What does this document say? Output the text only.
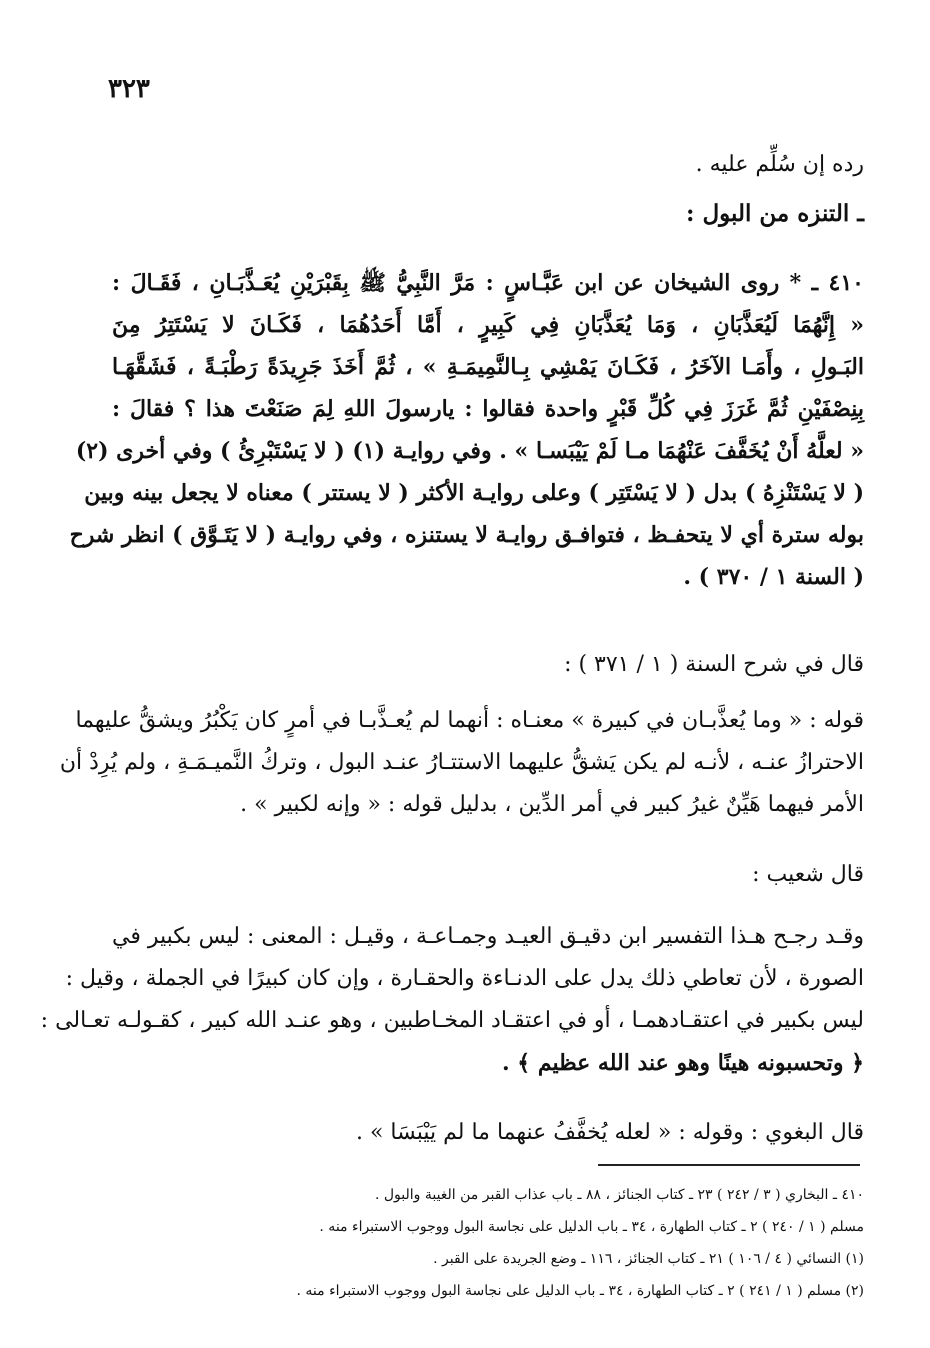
٣٢٣
رده إن سُلِّم عليه .
ـ التنزه من البول :
٤١٠ ـ * روى الشيخان عن ابن عَبَّـاسٍ : مَرَّ النَّبِيُّ ﷺ بِقَبْرَيْنِ يُعَـذَّبَـانِ ، فَقَـالَ :
« إِنَّهُمَا لَيُعَذَّبَانِ ، وَمَا يُعَذَّبَانِ فِي كَبِيرٍ ، أَمَّا أَحَدُهُمَا ، فَكَـانَ لا يَسْتَتِرُ مِنَ
البَـولِ ، وأَمَـا الآخَرُ ، فَكَـانَ يَمْشِي بِـالنَّمِيمَـةِ » ، ثُمَّ أَخَذَ جَرِيدَةً رَطْبَـةً ، فَشَقَّهَـا
بِنِصْفَيْنِ ثُمَّ غَرَزَ فِي كُلِّ قَبْرٍ واحدة فقالوا : يارسولَ اللهِ لِمَ صَنَعْتَ هذا ؟ فقالَ :
« لعلَّهُ أَنْ يُخَفَّفَ عَنْهُمَا مـا لَمْ يَيْبَسـا » . وفي روايـة (١) ( لا يَسْتَبْرِئُ ) وفي أخرى (٢)
( لا يَسْتَنْزِهُ ) بدل ( لا يَسْتَتِر ) وعلى روايـة الأكثر ( لا يستتر ) معناه لا يجعل بينه وبين
بوله سترة أي لا يتحفـظ ، فتوافـق روايـة لا يستنزه ، وفي روايـة ( لا يَتَـوَّق ) انظر شرح
( السنة ١ / ٣٧٠ ) .
قال في شرح السنة ( ١ / ٣٧١ ) :
قوله : « وما يُعذَّبـان في كبيرة » معنـاه : أنهما لم يُعـذَّبـا في أمرٍ كان يَكْبُرُ ويشقُّ عليهما
الاحترازُ عنـه ، لأنـه لم يكن يَشقُّ عليهما الاستتـارُ عنـد البول ، وتركُ النَّميـمَـةِ ، ولم يُرِدْ أن
الأمر فيهما هَيِّنٌ غيرُ كبير في أمر الدِّين ، بدليل قوله : « وإنه لكبير » .
قال شعيب :
وقـد رجـح هـذا التفسير ابن دقيـق العيـد وجمـاعـة ، وقيـل : المعنى : ليس بكبير في
الصورة ، لأن تعاطي ذلك يدل على الدنـاءة والحقـارة ، وإن كان كبيرًا في الجملة ، وقيل :
ليس بكبير في اعتقـادهمـا ، أو في اعتقـاد المخـاطبين ، وهو عنـد الله كبير ، كقـولـه تعـالى :
﴿ وتحسبونه هينًا وهو عند الله عظيم ﴾ .
قال البغوي : وقوله : « لعله يُخفَّفُ عنهما ما لم يَيْبَسَا » .
٤١٠ ـ البخاري ( ٣ / ٢٤٢ ) ٢٣ ـ كتاب الجنائز ، ٨٨ ـ باب عذاب القبر من الغيبة والبول .
مسلم ( ١ / ٢٤٠ ) ٢ ـ كتاب الطهارة ، ٣٤ ـ باب الدليل على نجاسة البول ووجوب الاستبراء منه .
(١) النسائي ( ٤ / ١٠٦ ) ٢١ ـ كتاب الجنائز ، ١١٦ ـ وضع الجريدة على القبر .
(٢) مسلم ( ١ / ٢٤١ ) ٢ ـ كتاب الطهارة ، ٣٤ ـ باب الدليل على نجاسة البول ووجوب الاستبراء منه .
